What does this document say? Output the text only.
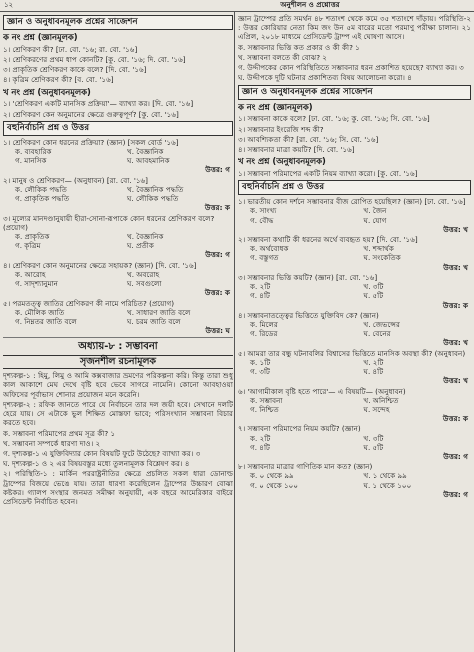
১২	অনুশীলন ও প্রশ্নোত্তর
জ্ঞান ও অনুধাবনমূলক প্রশ্নের সাজেশন
ক নং প্রশ্ন (জ্ঞানমূলক)
১। শ্রেণিকরণ কী? [ঢা. বো. '১৬; রা. বো. '১৬]
২। শ্রেণিকরণের প্রথম ধাপ কোনটি? [কু. বো. '১৬; দি. বো. '১৬]
৩। প্রাকৃতিক শ্রেণিকরণ কাকে বলে? [দি. বো. '১৬]
৪। কৃত্রিম শ্রেণিকরণ কী? [ব. বো. '১৬]
খ নং প্রশ্ন (অনুধাবনমূলক)
১। 'শ্রেণিকরণ একটি মানসিক প্রক্রিয়া'— ব্যাখ্যা কর। [দি. বো. '১৬]
২। শ্রেণিকরণ কেন অনুমানের ক্ষেত্রে গুরুত্বপূর্ণ? [কু. বো. '১৬]
বহুনির্বাচনি প্রশ্ন ও উত্তর
১। শ্রেণিকরণ কোন ধরনের প্রক্রিয়া? (জ্ঞান) [সকল বোর্ড '১৬]
ক. ব্যবহারিক	খ. বৈজ্ঞানিক
গ. মানসিক	ঘ. আবহমানিক
উত্তর: গ
২। মানুষ ও শ্রেণিকরণ— (অনুধাবন) [রা. বো. '১৬]
ক. লৌকিক পদ্ধতি	খ. বৈজ্ঞানিক পদ্ধতি
গ. প্রাকৃতিক পদ্ধতি	ঘ. লৌকিক পদ্ধতি
উত্তর: ক
৩। মূল্যের মানদণ্ডানুযায়ী হীরা-সোনা-রূপাকে কোন ধরনের শ্রেণিকরণ বলে? (প্রয়োগ)
ক. প্রাকৃতিক	খ. বৈজ্ঞানিক
গ. কৃত্রিম	ঘ. প্রতীক
উত্তর: গ
৪। শ্রেণিকরণ কোন অনুমানের ক্ষেত্রে সহায়ক? (জ্ঞান) [দি. বো. '১৬]
ক. আরোহ	খ. অবরোহ
গ. সাদৃশ্যানুমান	ঘ. সবগুলো
উত্তর: ক
৫। পরমতত্ত্ব জাতির শ্রেণিকরণ কী নামে পরিচিত? (প্রয়োগ)
ক. মৌলিক জাতি	খ. সাধারণ জাতি বলে
গ. নিম্নতর জাতি বলে	ঘ. চরম জাতি বলে
উত্তর: ঘ
অধ্যায়-৮ : সম্ভাবনা
সৃজনশীল রচনামূলক
দৃশ্যকল্প-১ : হিমু, লিমু ও আমি কক্সবাজার ভ্রমণের পরিকল্পনা করি। কিন্তু তারা শুধু কাল আকাশে মেঘ দেখে বৃষ্টি হবে ভেবে সাগরে নামেনি। কোনো আবহাওয়া অফিসের পূর্বাভাস শোনার প্রয়োজন মনে করেনি।
দৃশ্যকল্প-২ : রফিক জানতে পারে যে নির্বাচনে তার দল জয়ী হবে। সেখানে দলটি হেরে যায়। সে এটাকে ভুল শিক্ষিত মোস্তফা ভাবে; পরিসংখ্যান সম্ভাবনা বিচার করতে হবে।
ক. সম্ভাবনা পরিমাপের প্রথম সূত্র কী? ১
খ. সম্ভাবনা সম্পর্কে ধারণা দাও। ২
গ. দৃশ্যকল্প-১ এ যুক্তিবিদ্যার কোন বিষয়টি ফুটে উঠেছে? ব্যাখ্যা কর। ৩
ঘ. দৃশ্যকল্প-১ ও ২ এর বিষয়বস্তুর মধ্যে তুলনামূলক বিশ্লেষণ কর। ৪
২। পরিস্থিতি-১ : মার্কিন পররাষ্ট্রনীতির ক্ষেত্রে প্রচলিত সকল ধারা ডোনাল্ড ট্রাম্পের বিজয়ে ভেঙে যায়। তারা ধারণা করেছিলেন ট্রাম্পের উচ্চারণ বোঝা কষ্টকর। গ্যালপ সংস্থার জনমত সমীক্ষা অনুযায়ী, এক বছরে আমেরিকার বাইরে প্রেসিডেন্ট নির্বাচিত হবেন।
জ্ঞান ট্রাম্পের প্রতি সমর্থন ৪৮ শতাংশ থেকে কমে ৩৫ শতাংশে দাঁড়ায়। পরিস্থিতি-২ : উত্তর কোরিয়ার নেতা কিম জং উন ৫ম বারের মতো পরমাণু পরীক্ষা চালান। ২১ এপ্রিল, ২০১৮ মাধ্যমে প্রেসিডেন্ট ট্রাম্প এই ঘোষণা আসে।
ক. সম্ভাবনার ভিত্তি কত প্রকার ও কী কী? ১
খ. সম্ভাবনা বলতে কী বোঝ? ২
গ. উদ্দীপকের কোন পরিস্থিতিতে সম্ভাবনার ধরন প্রকাশিত হয়েছে? ব্যাখ্যা কর। ৩
ঘ. উদ্দীপকে দুটি ঘটনার প্রকাশিতব্য বিষয় আলোচনা করো। ৪
জ্ঞান ও অনুধাবনমূলক প্রশ্নের সাজেশন
ক নং প্রশ্ন (জ্ঞানমূলক)
১। সম্ভাবনা কাকে বলে? [ঢা. বো. '১৬; কু. বো. '১৬; সি. বো. '১৬]
২। সম্ভাবনার ইংরেজি শব্দ কী?
৩। আবশ্যিকতা কী? [রা. বো. '১৬; সি. বো. '১৬]
৪। সম্ভাবনার মাত্রা কয়টি? [দি. বো. '১৬]
খ নং প্রশ্ন (অনুধাবনমূলক)
১। সম্ভাবনা পরিমাপের একটি নিয়ম ব্যাখ্যা করো। [কু. বো. '১৬]
বহুনির্বাচনি প্রশ্ন ও উত্তর
১। ভারতীয় কোন দর্শনে সম্ভাবনার বীজ রোপিত হয়েছিল? (জ্ঞান) [ঢা. বো. '১৬]
ক. সাংখ্য	খ. জৈন
গ. বৌদ্ধ	ঘ. যোগ
উত্তর: খ
২। সম্ভাবনা কথাটি কী ধরনের অর্থে ব্যবহৃত হয়? [দি. বো. '১৬]
ক. অর্থবোধক	খ. শব্দার্থক
গ. বস্তুগত	ঘ. সংকেতিক
উত্তর: খ
৩। সম্ভাবনার ভিত্তি কয়টি? (জ্ঞান) [রা. বো. '১৬]
ক. ২টি	খ. ৩টি
গ. ৪টি	ঘ. ৫টি
উত্তর: ক
৪। সম্ভাবনাতত্ত্বের ভিত্তিতে যুক্তিবিদ কে? (জ্ঞান)
ক. মিলের	খ. জেভন্সের
গ. রিডের	ঘ. বেনের
উত্তর: খ
৫। আমরা তার বন্ধু ঘটনাবলির বিশ্বাসের ভিত্তিতে মানসিক অবস্থা কী? (অনুধাবন)
ক. ১টি	খ. ২টি
গ. ৩টি	ঘ. ৪টি
উত্তর: খ
৬। 'আগামীকাল বৃষ্টি হতে পারে'— এ বিষয়টি— (অনুধাবন)
ক. সম্ভাবনা	খ. অনিশ্চিত
গ. নিশ্চিত	ঘ. সন্দেহ
উত্তর: ক
৭। সম্ভাবনা পরিমাপের নিয়ম কয়টি? (জ্ঞান)
ক. ২টি	খ. ৩টি
গ. ৪টি	ঘ. ৫টি
উত্তর: গ
৮। সম্ভাবনার মাত্রার গাণিতিক মান কত? (জ্ঞান)
ক. ০ থেকে ৯৯	খ. ১ থেকে ৯৯
গ. ০ থেকে ১০০	ঘ. ১ থেকে ১০০
উত্তর: গ
